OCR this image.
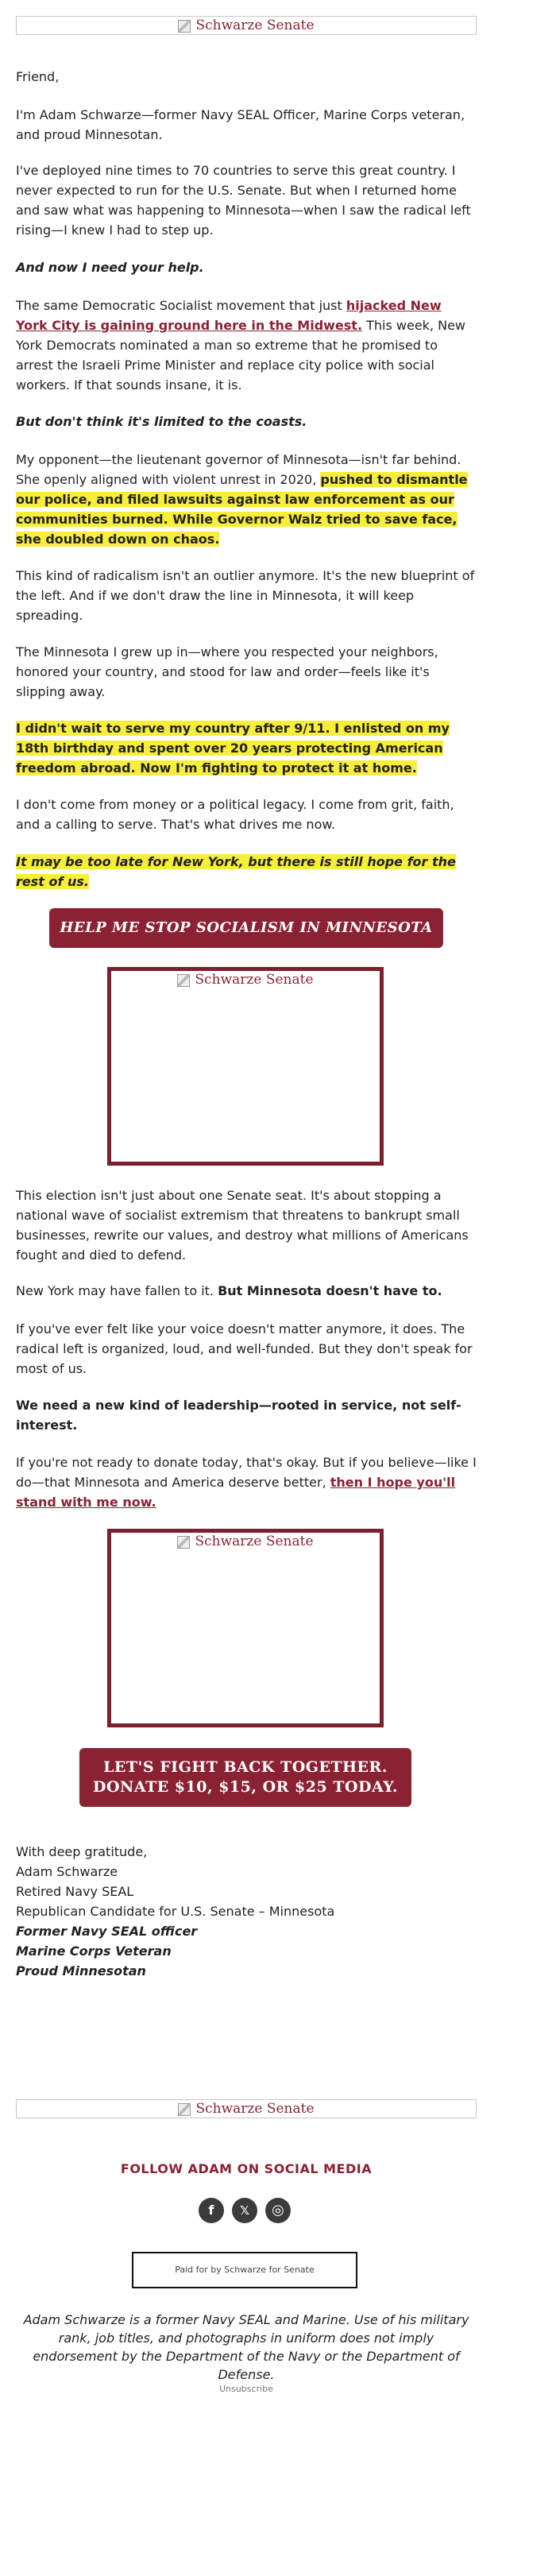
Schwarze Senate

Friend,

I'm Adam Schwarze—former Navy SEAL Officer, Marine Corps veteran, and proud Minnesotan.

I've deployed nine times to 70 countries to serve this great country. I never expected to run for the U.S. Senate. But when I returned home and saw what was happening to Minnesota—when I saw the radical left rising—I knew I had to step up.

And now I need your help.

The same Democratic Socialist movement that just hijacked New York City is gaining ground here in the Midwest. This week, New York Democrats nominated a man so extreme that he promised to arrest the Israeli Prime Minister and replace city police with social workers. If that sounds insane, it is.

But don't think it's limited to the coasts.

My opponent—the lieutenant governor of Minnesota—isn't far behind. She openly aligned with violent unrest in 2020, pushed to dismantle our police, and filed lawsuits against law enforcement as our communities burned. While Governor Walz tried to save face, she doubled down on chaos.

This kind of radicalism isn't an outlier anymore. It's the new blueprint of the left. And if we don't draw the line in Minnesota, it will keep spreading.

The Minnesota I grew up in—where you respected your neighbors, honored your country, and stood for law and order—feels like it's slipping away.

I didn't wait to serve my country after 9/11. I enlisted on my 18th birthday and spent over 20 years protecting American freedom abroad. Now I'm fighting to protect it at home.

I don't come from money or a political legacy. I come from grit, faith, and a calling to serve. That's what drives me now.

It may be too late for New York, but there is still hope for the rest of us.

HELP ME STOP SOCIALISM IN MINNESOTA
Schwarze Senate

This election isn't just about one Senate seat. It's about stopping a national wave of socialist extremism that threatens to bankrupt small businesses, rewrite our values, and destroy what millions of Americans fought and died to defend.

New York may have fallen to it. But Minnesota doesn't have to.

If you've ever felt like your voice doesn't matter anymore, it does. The radical left is organized, loud, and well-funded. But they don't speak for most of us.

We need a new kind of leadership—rooted in service, not self-interest.

If you're not ready to donate today, that's okay. But if you believe—like I do—that Minnesota and America deserve better, then I hope you'll stand with me now.

Schwarze Senate
LET'S FIGHT BACK TOGETHER.
DONATE $10, $15, OR $25 TODAY.

With deep gratitude,

Adam Schwarze

Retired Navy SEAL

Republican Candidate for U.S. Senate – Minnesota

Former Navy SEAL officer

Marine Corps Veteran

Proud Minnesotan

Schwarze Senate
FOLLOW ADAM ON SOCIAL MEDIA
f	𝕏	◎
Paid for by Schwarze for Senate

Adam Schwarze is a former Navy SEAL and Marine. Use of his military rank, job titles, and photographs in uniform does not imply endorsement by the Department of the Navy or the Department of Defense.

Unsubscribe
